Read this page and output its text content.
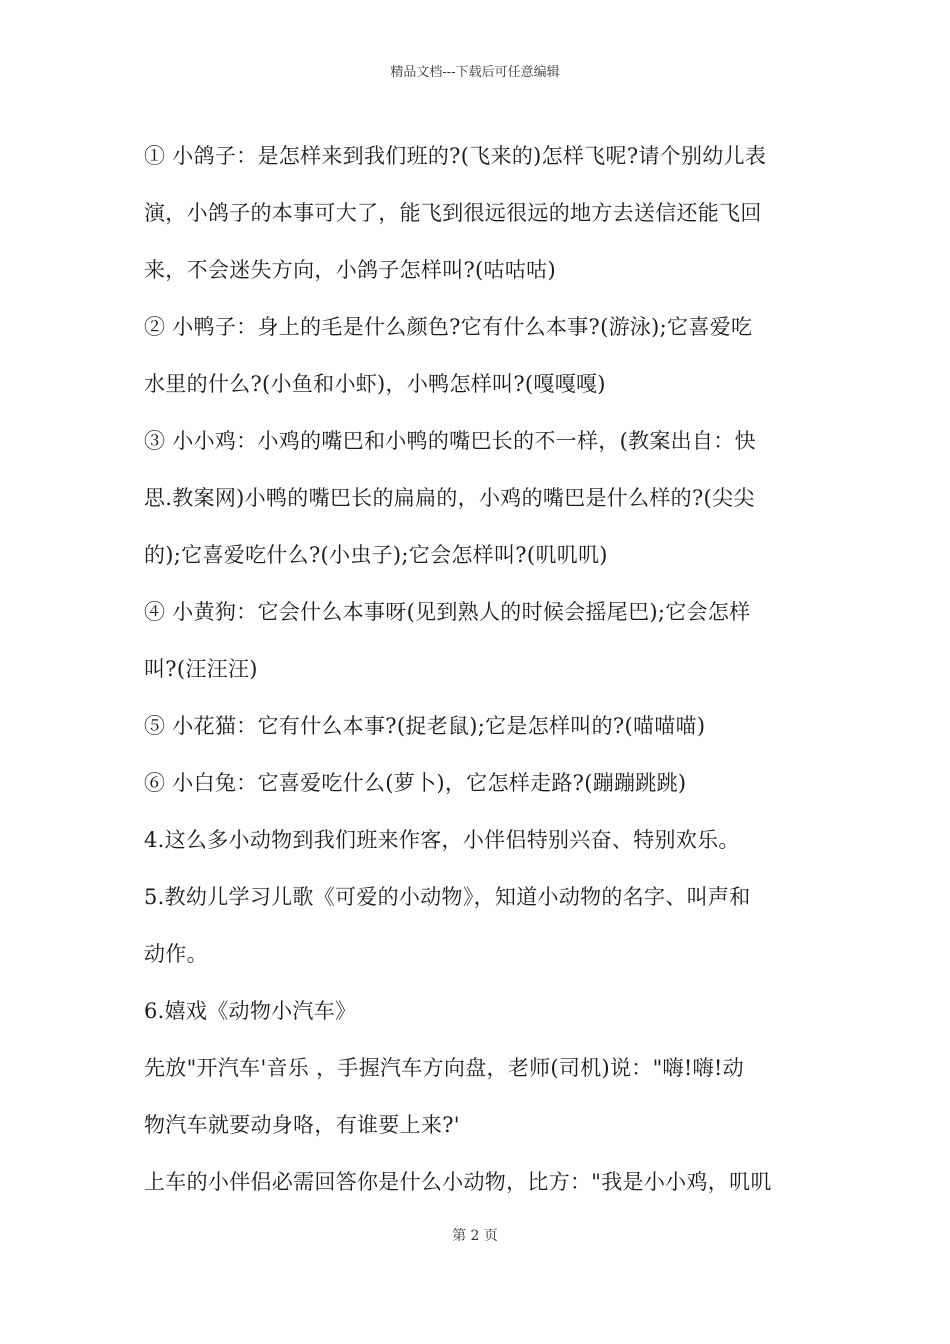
精品文档---下载后可任意编辑

① 小鸽子：是怎样来到我们班的?(飞来的)怎样飞呢?请个别幼儿表

演，小鸽子的本事可大了，能飞到很远很远的地方去送信还能飞回

来，不会迷失方向，小鸽子怎样叫?(咕咕咕)

② 小鸭子：身上的毛是什么颜色?它有什么本事?(游泳);它喜爱吃

水里的什么?(小鱼和小虾)，小鸭怎样叫?(嘎嘎嘎)

③ 小小鸡：小鸡的嘴巴和小鸭的嘴巴长的不一样，(教案出自：快

思.教案网)小鸭的嘴巴长的扁扁的，小鸡的嘴巴是什么样的?(尖尖

的);它喜爱吃什么?(小虫子);它会怎样叫?(叽叽叽)

④ 小黄狗：它会什么本事呀(见到熟人的时候会摇尾巴);它会怎样

叫?(汪汪汪)

⑤ 小花猫：它有什么本事?(捉老鼠);它是怎样叫的?(喵喵喵)

⑥ 小白兔：它喜爱吃什么(萝卜)，它怎样走路?(蹦蹦跳跳)

4.这么多小动物到我们班来作客，小伴侣特别兴奋、特别欢乐。

5.教幼儿学习儿歌《可爱的小动物》，知道小动物的名字、叫声和

动作。

6.嬉戏《动物小汽车》

先放"开汽车'音乐 ，手握汽车方向盘，老师(司机)说："嗨!嗨!动

物汽车就要动身咯，有谁要上来?'

上车的小伴侣必需回答你是什么小动物，比方："我是小小鸡，叽叽

第 2 页
